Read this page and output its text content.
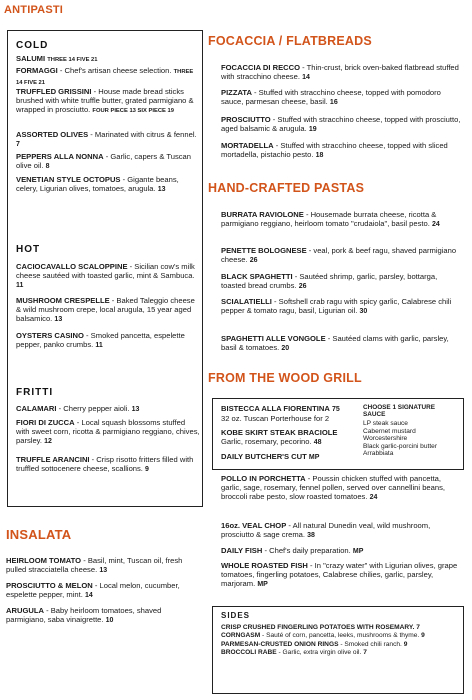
ANTIPASTI
COLD
SALUMI THREE 14 FIVE 21
FORMAGGI - Chef's artisan cheese selection. THREE 14 FIVE 21
TRUFFLED GRISSINI - House made bread sticks brushed with white truffle butter, grated parmigiano & wrapped in prosciutto. FOUR PIECE 13 SIX PIECE 19
ASSORTED OLIVES - Marinated with citrus & fennel. 7
PEPPERS ALLA NONNA - Garlic, capers & Tuscan olive oil. 8
VENETIAN STYLE OCTOPUS - Gigante beans, celery, Ligurian olives, tomatoes, arugula. 13
HOT
CACIOCAVALLO SCALOPPINE - Sicilian cow's milk cheese sautéed with toasted garlic, mint & Sambuca. 11
MUSHROOM CRESPELLE - Baked Taleggio cheese & wild mushroom crepe, local arugula, 15 year aged balsamico. 13
OYSTERS CASINO - Smoked pancetta, espelette pepper, panko crumbs. 11
FRITTI
CALAMARI - Cherry pepper aioli. 13
FIORI DI ZUCCA - Local squash blossoms stuffed with sweet corn, ricotta & parmigiano reggiano, chives, parsley. 12
TRUFFLE ARANCINI - Crisp risotto fritters filled with truffled sottocenere cheese, scallions. 9
INSALATA
HEIRLOOM TOMATO - Basil, mint, Tuscan oil, fresh pulled stracciatella cheese. 13
PROSCIUTTO & MELON - Local melon, cucumber, espelette pepper, mint. 14
ARUGULA - Baby heirloom tomatoes, shaved parmigiano, saba vinaigrette. 10
FOCACCIA / FLATBREADS
FOCACCIA DI RECCO - Thin-crust, brick oven-baked flatbread stuffed with stracchino cheese. 14
PIZZATA - Stuffed with stracchino cheese, topped with pomodoro sauce, parmesan cheese, basil. 16
PROSCIUTTO - Stuffed with stracchino cheese, topped with prosciutto, aged balsamic & arugula. 19
MORTADELLA - Stuffed with stracchino cheese, topped with sliced mortadella, pistachio pesto. 18
HAND-CRAFTED PASTAS
BURRATA RAVIOLONE - Housemade burrata cheese, ricotta & parmigiano reggiano, heirloom tomato "crudaiola", basil pesto. 24
PENETTE BOLOGNESE - veal, pork & beef ragu, shaved parmigiano cheese. 26
BLACK SPAGHETTI - Sautéed shrimp, garlic, parsley, bottarga, toasted bread crumbs. 26
SCIALATIELLI - Softshell crab ragu with spicy garlic, Calabrese chili pepper & tomato ragu, basil, Ligurian oil. 30
SPAGHETTI ALLE VONGOLE - Sautéed clams with garlic, parsley, basil & tomatoes. 20
FROM THE WOOD GRILL
BISTECCA ALLA FIORENTINA 75

32 oz. Tuscan Porterhouse for 2

KOBE SKIRT STEAK BRACIOLE

Garlic, rosemary, pecorino. 48

DAILY BUTCHER'S CUT MP
CHOOSE 1 SIGNATURE SAUCE
LP steak sauce
Cabernet mustard
Worcestershire
Black garlic-porcini butter
Arrabbiata
POLLO IN PORCHETTA - Poussin chicken stuffed with pancetta, garlic, sage, rosemary, fennel pollen, served over cannellini beans, broccoli rabe pesto, slow roasted tomatoes. 24
16oz. VEAL CHOP - All natural Dunedin veal, wild mushroom, prosciutto & sage crema. 38
DAILY FISH - Chef's daily preparation. MP
WHOLE ROASTED FISH - In "crazy water" with Ligurian olives, grape tomatoes, fingerling potatoes, Calabrese chilies, garlic, parsley, marjoram. MP
SIDES
CRISP CRUSHED FINGERLING POTATOES WITH ROSEMARY. 7
CORNGASM - Sauté of corn, pancetta, leeks, mushrooms & thyme. 9
PARMESAN-CRUSTED ONION RINGS - Smoked chili ranch. 9
BROCCOLI RABE - Garlic, extra virgin olive oil. 7
